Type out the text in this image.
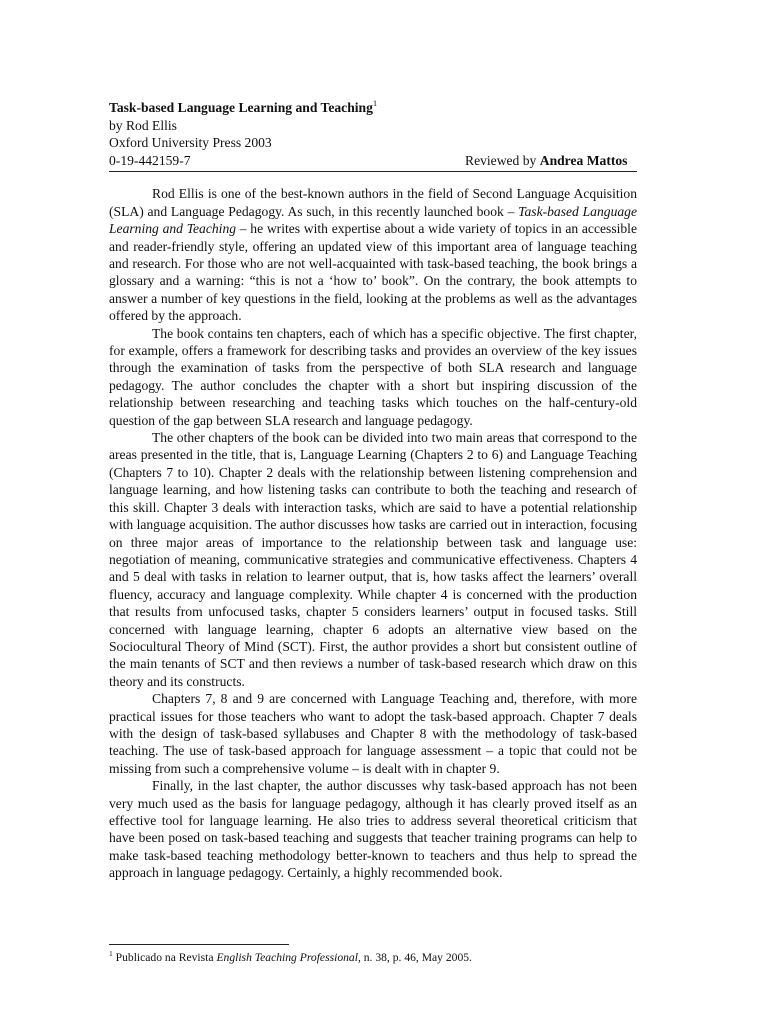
Task-based Language Learning and Teaching$^1$
by Rod Ellis
Oxford University Press 2003
0-19-442159-7	Reviewed by Andrea Mattos

Rod Ellis is one of the best-known authors in the field of Second Language Acquisition (SLA) and Language Pedagogy. As such, in this recently launched book – Task-based Language Learning and Teaching – he writes with expertise about a wide variety of topics in an accessible and reader-friendly style, offering an updated view of this important area of language teaching and research. For those who are not well-acquainted with task-based teaching, the book brings a glossary and a warning: “this is not a ‘how to’ book”. On the contrary, the book attempts to answer a number of key questions in the field, looking at the problems as well as the advantages offered by the approach.

The book contains ten chapters, each of which has a specific objective. The first chapter, for example, offers a framework for describing tasks and provides an overview of the key issues through the examination of tasks from the perspective of both SLA research and language pedagogy. The author concludes the chapter with a short but inspiring discussion of the relationship between researching and teaching tasks which touches on the half-century-old question of the gap between SLA research and language pedagogy.

The other chapters of the book can be divided into two main areas that correspond to the areas presented in the title, that is, Language Learning (Chapters 2 to 6) and Language Teaching (Chapters 7 to 10). Chapter 2 deals with the relationship between listening comprehension and language learning, and how listening tasks can contribute to both the teaching and research of this skill. Chapter 3 deals with interaction tasks, which are said to have a potential relationship with language acquisition. The author discusses how tasks are carried out in interaction, focusing on three major areas of importance to the relationship between task and language use: negotiation of meaning, communicative strategies and communicative effectiveness. Chapters 4 and 5 deal with tasks in relation to learner output, that is, how tasks affect the learners’ overall fluency, accuracy and language complexity. While chapter 4 is concerned with the production that results from unfocused tasks, chapter 5 considers learners’ output in focused tasks. Still concerned with language learning, chapter 6 adopts an alternative view based on the Sociocultural Theory of Mind (SCT). First, the author provides a short but consistent outline of the main tenants of SCT and then reviews a number of task-based research which draw on this theory and its constructs.

Chapters 7, 8 and 9 are concerned with Language Teaching and, therefore, with more practical issues for those teachers who want to adopt the task-based approach. Chapter 7 deals with the design of task-based syllabuses and Chapter 8 with the methodology of task-based teaching. The use of task-based approach for language assessment – a topic that could not be missing from such a comprehensive volume – is dealt with in chapter 9.

Finally, in the last chapter, the author discusses why task-based approach has not been very much used as the basis for language pedagogy, although it has clearly proved itself as an effective tool for language learning. He also tries to address several theoretical criticism that have been posed on task-based teaching and suggests that teacher training programs can help to make task-based teaching methodology better-known to teachers and thus help to spread the approach in language pedagogy. Certainly, a highly recommended book.

$^1$ Publicado na Revista English Teaching Professional, n. 38, p. 46, May 2005.
